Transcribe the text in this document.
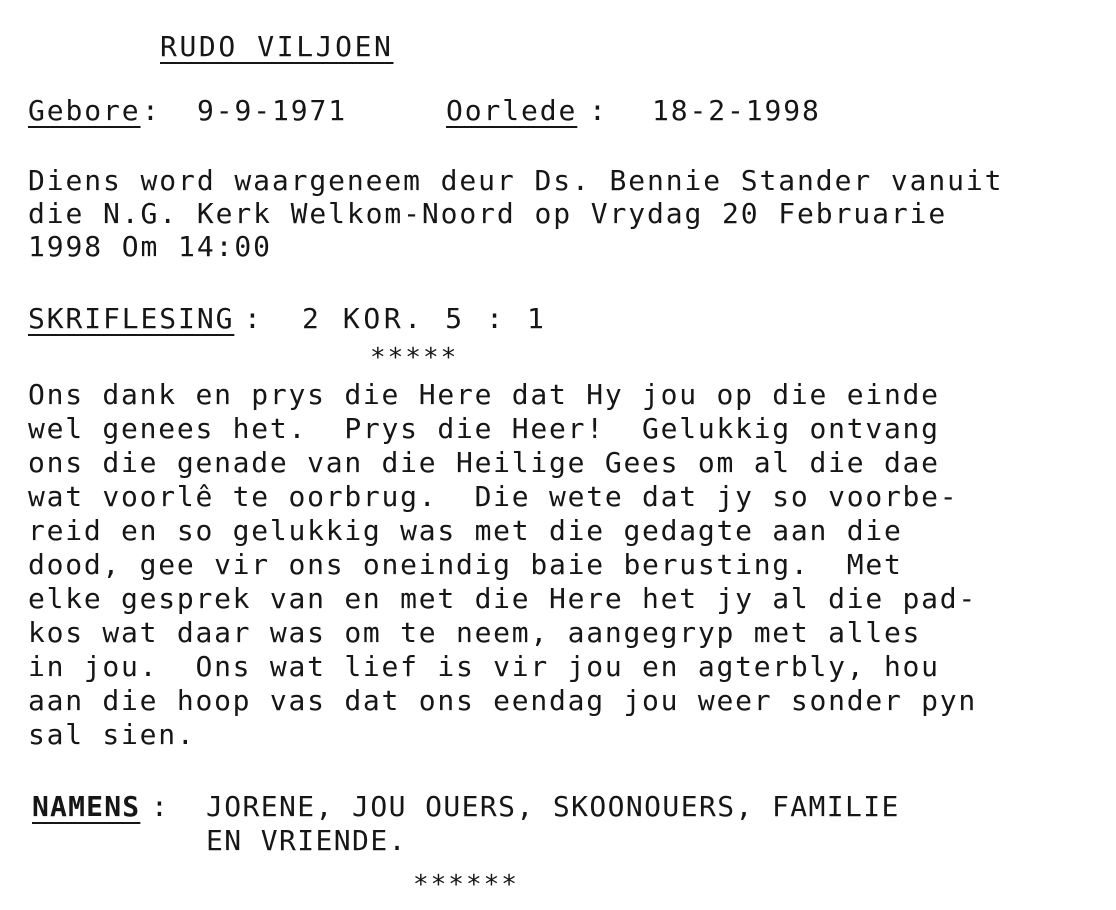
RUDO VILJOEN
Gebore : 9-9-1971	Oorlede : 18-2-1998
Diens word waargeneem deur Ds. Bennie Stander vanuit
die N.G. Kerk Welkom-Noord op Vrydag 20 Februarie
1998 Om 14:00
SKRIFLESING : 2 KOR. 5 : 1
*****
Ons dank en prys die Here dat Hy jou op die einde
wel genees het.  Prys die Heer!  Gelukkig ontvang
ons die genade van die Heilige Gees om al die dae
wat voorlê te oorbrug.  Die wete dat jy so voorbe-
reid en so gelukkig was met die gedagte aan die
dood, gee vir ons oneindig baie berusting.  Met
elke gesprek van en met die Here het jy al die pad-
kos wat daar was om te neem, aangegryp met alles
in jou.  Ons wat lief is vir jou en agterbly, hou
aan die hoop vas dat ons eendag jou weer sonder pyn
sal sien.
NAMENS : JORENE, JOU OUERS, SKOONOUERS, FAMILIE
EN VRIENDE.
******
